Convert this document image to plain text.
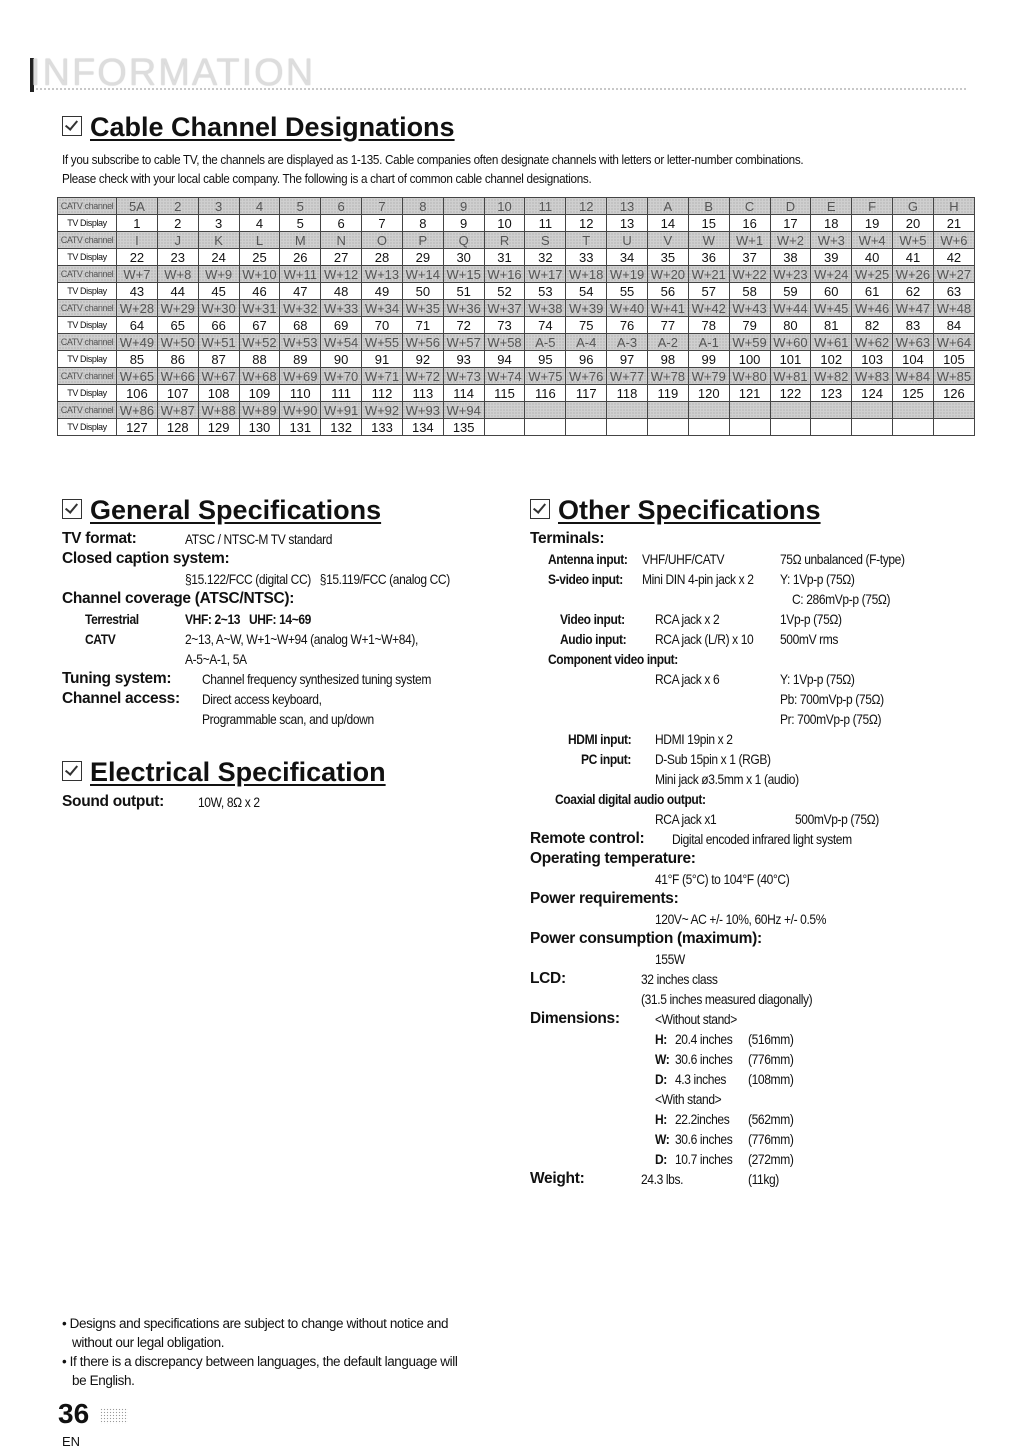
INFORMATION
Cable Channel Designations
If you subscribe to cable TV, the channels are displayed as 1-135. Cable companies often designate channels with letters or letter-number combinations.
Please check with your local cable company. The following is a chart of common cable channel designations.
CATV channel	5A	2	3	4	5	6	7	8	9	10	11	12	13	A	B	C	D	E	F	G	H
TV Display	1	2	3	4	5	6	7	8	9	10	11	12	13	14	15	16	17	18	19	20	21
CATV channel	I	J	K	L	M	N	O	P	Q	R	S	T	U	V	W	W+1	W+2	W+3	W+4	W+5	W+6
TV Display	22	23	24	25	26	27	28	29	30	31	32	33	34	35	36	37	38	39	40	41	42
CATV channel	W+7	W+8	W+9	W+10	W+11	W+12	W+13	W+14	W+15	W+16	W+17	W+18	W+19	W+20	W+21	W+22	W+23	W+24	W+25	W+26	W+27
TV Display	43	44	45	46	47	48	49	50	51	52	53	54	55	56	57	58	59	60	61	62	63
CATV channel	W+28	W+29	W+30	W+31	W+32	W+33	W+34	W+35	W+36	W+37	W+38	W+39	W+40	W+41	W+42	W+43	W+44	W+45	W+46	W+47	W+48
TV Display	64	65	66	67	68	69	70	71	72	73	74	75	76	77	78	79	80	81	82	83	84
CATV channel	W+49	W+50	W+51	W+52	W+53	W+54	W+55	W+56	W+57	W+58	A-5	A-4	A-3	A-2	A-1	W+59	W+60	W+61	W+62	W+63	W+64
TV Display	85	86	87	88	89	90	91	92	93	94	95	96	97	98	99	100	101	102	103	104	105
CATV channel	W+65	W+66	W+67	W+68	W+69	W+70	W+71	W+72	W+73	W+74	W+75	W+76	W+77	W+78	W+79	W+80	W+81	W+82	W+83	W+84	W+85
TV Display	106	107	108	109	110	111	112	113	114	115	116	117	118	119	120	121	122	123	124	125	126
CATV channel	W+86	W+87	W+88	W+89	W+90	W+91	W+92	W+93	W+94												
TV Display	127	128	129	130	131	132	133	134	135												
General Specifications
TV format:	ATSC / NTSC-M TV standard
Closed caption system:
§15.122/FCC (digital CC)   §15.119/FCC (analog CC)
Channel coverage (ATSC/NTSC):
Terrestrial	VHF: 2~13   UHF: 14~69
CATV	2~13, A~W, W+1~W+94 (analog W+1~W+84),
A-5~A-1, 5A
Tuning system: Channel frequency synthesized tuning system
Channel access: Direct access keyboard,
Programmable scan, and up/down
Electrical Specification
Sound output: 10W, 8Ω x 2
Other Specifications
Terminals:
Antenna input: VHF/UHF/CATV	75Ω unbalanced (F-type)
S-video input: Mini DIN 4-pin jack x 2 Y: 1Vp-p (75Ω)
C: 286mVp-p (75Ω)
Video input: RCA jack x 2	1Vp-p (75Ω)
Audio input: RCA jack (L/R) x 10 500mV rms
Component video input:
RCA jack x 6	Y: 1Vp-p (75Ω)
Pb: 700mVp-p (75Ω)
Pr: 700mVp-p (75Ω)
HDMI input: HDMI 19pin x 2
PC input: D-Sub 15pin x 1 (RGB)
Mini jack ø3.5mm x 1 (audio)
Coaxial digital audio output:
RCA jack x1	500mVp-p (75Ω)
Remote control: Digital encoded infrared light system
Operating temperature:
41°F (5°C) to 104°F (40°C)
Power requirements:
120V~ AC +/- 10%, 60Hz +/- 0.5%
Power consumption (maximum):
155W
LCD:	32 inches class
(31.5 inches measured diagonally)
Dimensions:	<Without stand>
H: 20.4 inches (516mm)
W: 30.6 inches (776mm)
D: 4.3 inches (108mm)
<With stand>
H: 22.2inches (562mm)
W: 30.6 inches (776mm)
D: 10.7 inches (272mm)
Weight:	24.3 lbs.	(11kg)
• Designs and specifications are subject to change without notice and
without our legal obligation.
• If there is a discrepancy between languages, the default language will
be English.
36
EN
